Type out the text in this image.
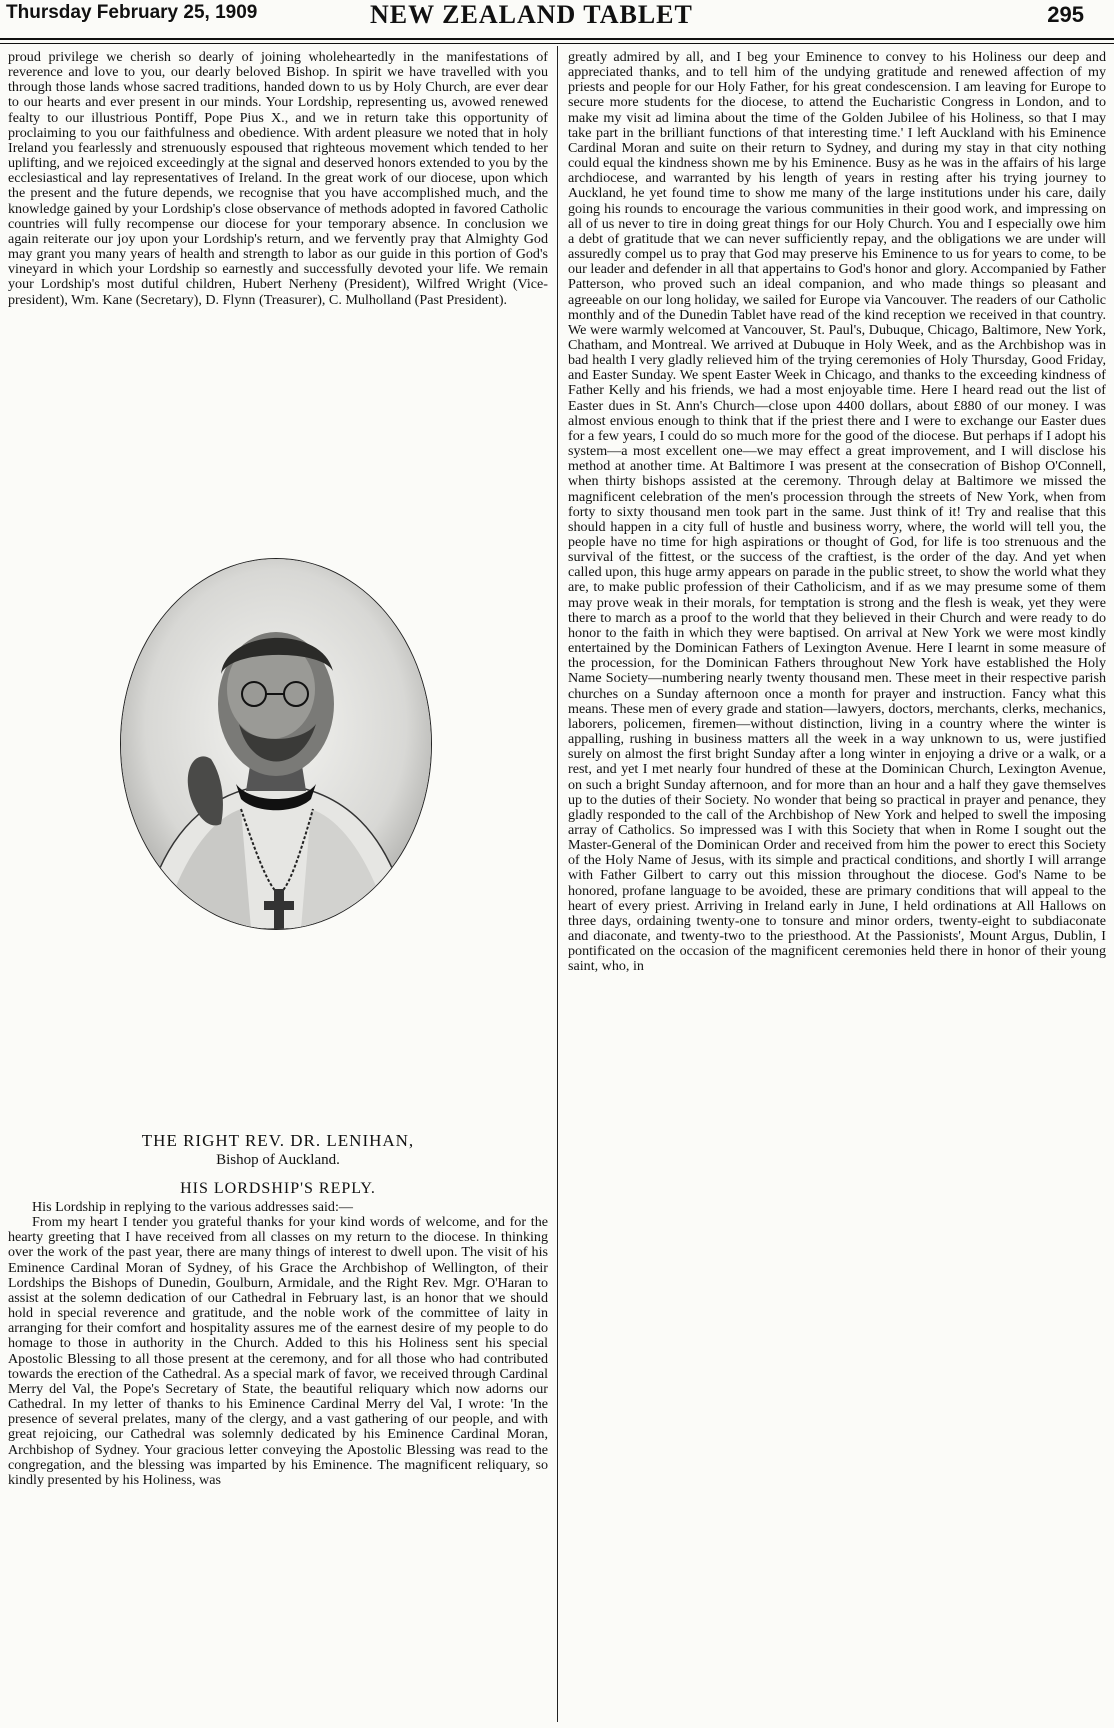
Thursday February 25, 1909	NEW ZEALAND TABLET	295

proud privilege we cherish so dearly of joining wholeheartedly in the manifestations of reverence and love to you, our dearly beloved Bishop. In spirit we have travelled with you through those lands whose sacred traditions, handed down to us by Holy Church, are ever dear to our hearts and ever present in our minds. Your Lordship, representing us, avowed renewed fealty to our illustrious Pontiff, Pope Pius X., and we in return take this opportunity of proclaiming to you our faithfulness and obedience. With ardent pleasure we noted that in holy Ireland you fearlessly and strenuously espoused that righteous movement which tended to her uplifting, and we rejoiced exceedingly at the signal and deserved honors extended to you by the ecclesiastical and lay representatives of Ireland. In the great work of our diocese, upon which the present and the future depends, we recognise that you have accomplished much, and the knowledge gained by your Lordship's close observance of methods adopted in favored Catholic countries will fully recompense our diocese for your temporary absence. In conclusion we again reiterate our joy upon your Lordship's return, and we fervently pray that Almighty God may grant you many years of health and strength to labor as our guide in this portion of God's vineyard in which your Lordship so earnestly and successfully devoted your life. We remain your Lordship's most dutiful children, Hubert Nerheny (President), Wilfred Wright (Vice-president), Wm. Kane (Secretary), D. Flynn (Treasurer), C. Mulholland (Past President).

THE RIGHT REV. DR. LENIHAN,
Bishop of Auckland.
HIS LORDSHIP'S REPLY.

His Lordship in replying to the various addresses said:—

From my heart I tender you grateful thanks for your kind words of welcome, and for the hearty greeting that I have received from all classes on my return to the diocese. In thinking over the work of the past year, there are many things of interest to dwell upon. The visit of his Eminence Cardinal Moran of Sydney, of his Grace the Archbishop of Wellington, of their Lordships the Bishops of Dunedin, Goulburn, Armidale, and the Right Rev. Mgr. O'Haran to assist at the solemn dedication of our Cathedral in February last, is an honor that we should hold in special reverence and gratitude, and the noble work of the committee of laity in arranging for their comfort and hospitality assures me of the earnest desire of my people to do homage to those in authority in the Church. Added to this his Holiness sent his special Apostolic Blessing to all those present at the ceremony, and for all those who had contributed towards the erection of the Cathedral. As a special mark of favor, we received through Cardinal Merry del Val, the Pope's Secretary of State, the beautiful reliquary which now adorns our Cathedral. In my letter of thanks to his Eminence Cardinal Merry del Val, I wrote: 'In the presence of several prelates, many of the clergy, and a vast gathering of our people, and with great rejoicing, our Cathedral was solemnly dedicated by his Eminence Cardinal Moran, Archbishop of Sydney. Your gracious letter conveying the Apostolic Blessing was read to the congregation, and the blessing was imparted by his Eminence. The magnificent reliquary, so kindly presented by his Holiness, was

greatly admired by all, and I beg your Eminence to convey to his Holiness our deep and appreciated thanks, and to tell him of the undying gratitude and renewed affection of my priests and people for our Holy Father, for his great condescension. I am leaving for Europe to secure more students for the diocese, to attend the Eucharistic Congress in London, and to make my visit ad limina about the time of the Golden Jubilee of his Holiness, so that I may take part in the brilliant functions of that interesting time.' I left Auckland with his Eminence Cardinal Moran and suite on their return to Sydney, and during my stay in that city nothing could equal the kindness shown me by his Eminence. Busy as he was in the affairs of his large archdiocese, and warranted by his length of years in resting after his trying journey to Auckland, he yet found time to show me many of the large institutions under his care, daily going his rounds to encourage the various communities in their good work, and impressing on all of us never to tire in doing great things for our Holy Church. You and I especially owe him a debt of gratitude that we can never sufficiently repay, and the obligations we are under will assuredly compel us to pray that God may preserve his Eminence to us for years to come, to be our leader and defender in all that appertains to God's honor and glory. Accompanied by Father Patterson, who proved such an ideal companion, and who made things so pleasant and agreeable on our long holiday, we sailed for Europe via Vancouver. The readers of our Catholic monthly and of the Dunedin Tablet have read of the kind reception we received in that country. We were warmly welcomed at Vancouver, St. Paul's, Dubuque, Chicago, Baltimore, New York, Chatham, and Montreal. We arrived at Dubuque in Holy Week, and as the Archbishop was in bad health I very gladly relieved him of the trying ceremonies of Holy Thursday, Good Friday, and Easter Sunday. We spent Easter Week in Chicago, and thanks to the exceeding kindness of Father Kelly and his friends, we had a most enjoyable time. Here I heard read out the list of Easter dues in St. Ann's Church—close upon 4400 dollars, about £880 of our money. I was almost envious enough to think that if the priest there and I were to exchange our Easter dues for a few years, I could do so much more for the good of the diocese. But perhaps if I adopt his system—a most excellent one—we may effect a great improvement, and I will disclose his method at another time. At Baltimore I was present at the consecration of Bishop O'Connell, when thirty bishops assisted at the ceremony. Through delay at Baltimore we missed the magnificent celebration of the men's procession through the streets of New York, when from forty to sixty thousand men took part in the same. Just think of it! Try and realise that this should happen in a city full of hustle and business worry, where, the world will tell you, the people have no time for high aspirations or thought of God, for life is too strenuous and the survival of the fittest, or the success of the craftiest, is the order of the day. And yet when called upon, this huge army appears on parade in the public street, to show the world what they are, to make public profession of their Catholicism, and if as we may presume some of them may prove weak in their morals, for temptation is strong and the flesh is weak, yet they were there to march as a proof to the world that they believed in their Church and were ready to do honor to the faith in which they were baptised. On arrival at New York we were most kindly entertained by the Dominican Fathers of Lexington Avenue. Here I learnt in some measure of the procession, for the Dominican Fathers throughout New York have established the Holy Name Society—numbering nearly twenty thousand men. These meet in their respective parish churches on a Sunday afternoon once a month for prayer and instruction. Fancy what this means. These men of every grade and station—lawyers, doctors, merchants, clerks, mechanics, laborers, policemen, firemen—without distinction, living in a country where the winter is appalling, rushing in business matters all the week in a way unknown to us, were justified surely on almost the first bright Sunday after a long winter in enjoying a drive or a walk, or a rest, and yet I met nearly four hundred of these at the Dominican Church, Lexington Avenue, on such a bright Sunday afternoon, and for more than an hour and a half they gave themselves up to the duties of their Society. No wonder that being so practical in prayer and penance, they gladly responded to the call of the Archbishop of New York and helped to swell the imposing array of Catholics. So impressed was I with this Society that when in Rome I sought out the Master-General of the Dominican Order and received from him the power to erect this Society of the Holy Name of Jesus, with its simple and practical conditions, and shortly I will arrange with Father Gilbert to carry out this mission throughout the diocese. God's Name to be honored, profane language to be avoided, these are primary conditions that will appeal to the heart of every priest. Arriving in Ireland early in June, I held ordinations at All Hallows on three days, ordaining twenty-one to tonsure and minor orders, twenty-eight to subdiaconate and diaconate, and twenty-two to the priesthood. At the Passionists', Mount Argus, Dublin, I pontificated on the occasion of the magnificent ceremonies held there in honor of their young saint, who, in
